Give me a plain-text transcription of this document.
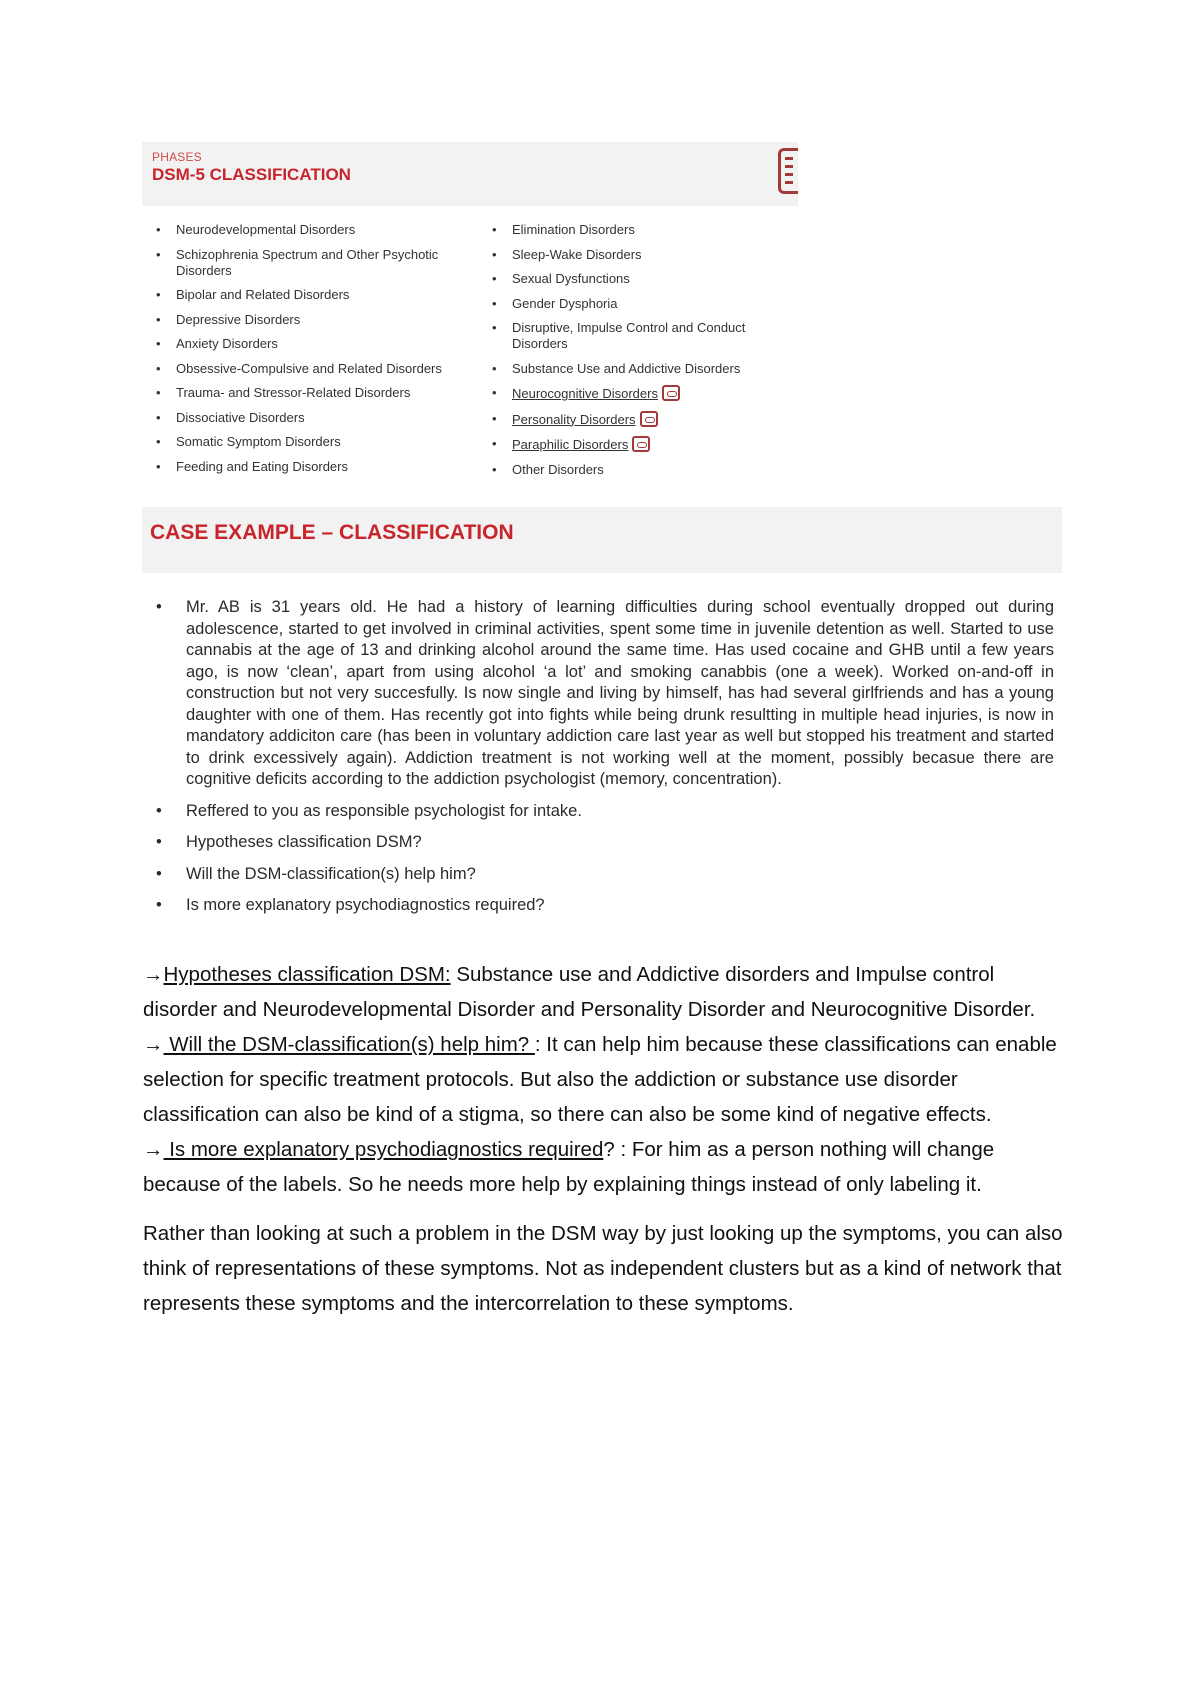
PHASES
DSM-5 CLASSIFICATION
• Neurodevelopmental Disorders
• Schizophrenia Spectrum and Other Psychotic Disorders
• Bipolar and Related Disorders
• Depressive Disorders
• Anxiety Disorders
• Obsessive-Compulsive and Related Disorders
• Trauma- and Stressor-Related Disorders
• Dissociative Disorders
• Somatic Symptom Disorders
• Feeding and Eating Disorders
• Elimination Disorders
• Sleep-Wake Disorders
• Sexual Dysfunctions
• Gender Dysphoria
• Disruptive, Impulse Control and Conduct Disorders
• Substance Use and Addictive Disorders
• Neurocognitive Disorders
• Personality Disorders
• Paraphilic Disorders
• Other Disorders
CASE EXAMPLE – CLASSIFICATION
• Mr. AB is 31 years old. He had a history of learning difficulties during school eventually dropped out during adolescence, started to get involved in criminal activities, spent some time in juvenile detention as well. Started to use cannabis at the age of 13 and drinking alcohol around the same time. Has used cocaine and GHB until a few years ago, is now ‘clean’, apart from using alcohol ‘a lot’ and smoking canabbis (one a week). Worked on-and-off in construction but not very succesfully. Is now single and living by himself, has had several girlfriends and has a young daughter with one of them. Has recently got into fights while being drunk resultting in multiple head injuries, is now in mandatory addiciton care (has been in voluntary addiction care last year as well but stopped his treatment and started to drink excessively again). Addiction treatment is not working well at the moment, possibly becasue there are cognitive deficits according to the addiction psychologist (memory, concentration).
• Reffered to you as responsible psychologist for intake.
• Hypotheses classification DSM?
• Will the DSM-classification(s) help him?
• Is more explanatory psychodiagnostics required?

→Hypotheses classification DSM: Substance use and Addictive disorders and Impulse control disorder and Neurodevelopmental Disorder and Personality Disorder and Neurocognitive Disorder.

→ Will the DSM-classification(s) help him? : It can help him because these classifications can enable selection for specific treatment protocols. But also the addiction or substance use disorder classification can also be kind of a stigma, so there can also be some kind of negative effects.

→ Is more explanatory psychodiagnostics required? : For him as a person nothing will change because of the labels. So he needs more help by explaining things instead of only labeling it.

Rather than looking at such a problem in the DSM way by just looking up the symptoms, you can also think of representations of these symptoms. Not as independent clusters but as a kind of network that represents these symptoms and the intercorrelation to these symptoms.
